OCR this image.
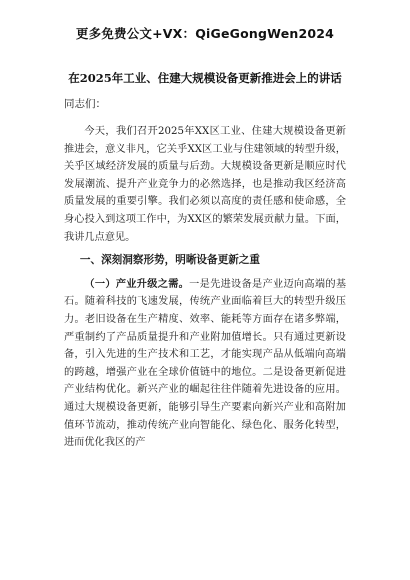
更多免费公文+VX：QiGeGongWen2024
在2025年工业、住建大规模设备更新推进会上的讲话

同志们：

今天，我们召开2025年XX区工业、住建大规模设备更新推进会，意义非凡，它关乎XX区工业与住建领域的转型升级，关乎区域经济发展的质量与后劲。大规模设备更新是顺应时代发展潮流、提升产业竞争力的必然选择，也是推动我区经济高质量发展的重要引擎。我们必须以高度的责任感和使命感，全身心投入到这项工作中，为XX区的繁荣发展贡献力量。下面，我讲几点意见。

一、深刻洞察形势，明晰设备更新之重

（一）产业升级之需。一是先进设备是产业迈向高端的基石。随着科技的飞速发展，传统产业面临着巨大的转型升级压力。老旧设备在生产精度、效率、能耗等方面存在诸多弊端，严重制约了产品质量提升和产业附加值增长。只有通过更新设备，引入先进的生产技术和工艺，才能实现产品从低端向高端的跨越，增强产业在全球价值链中的地位。二是设备更新促进产业结构优化。新兴产业的崛起往往伴随着先进设备的应用。通过大规模设备更新，能够引导生产要素向新兴产业和高附加值环节流动，推动传统产业向智能化、绿色化、服务化转型，进而优化我区的产
